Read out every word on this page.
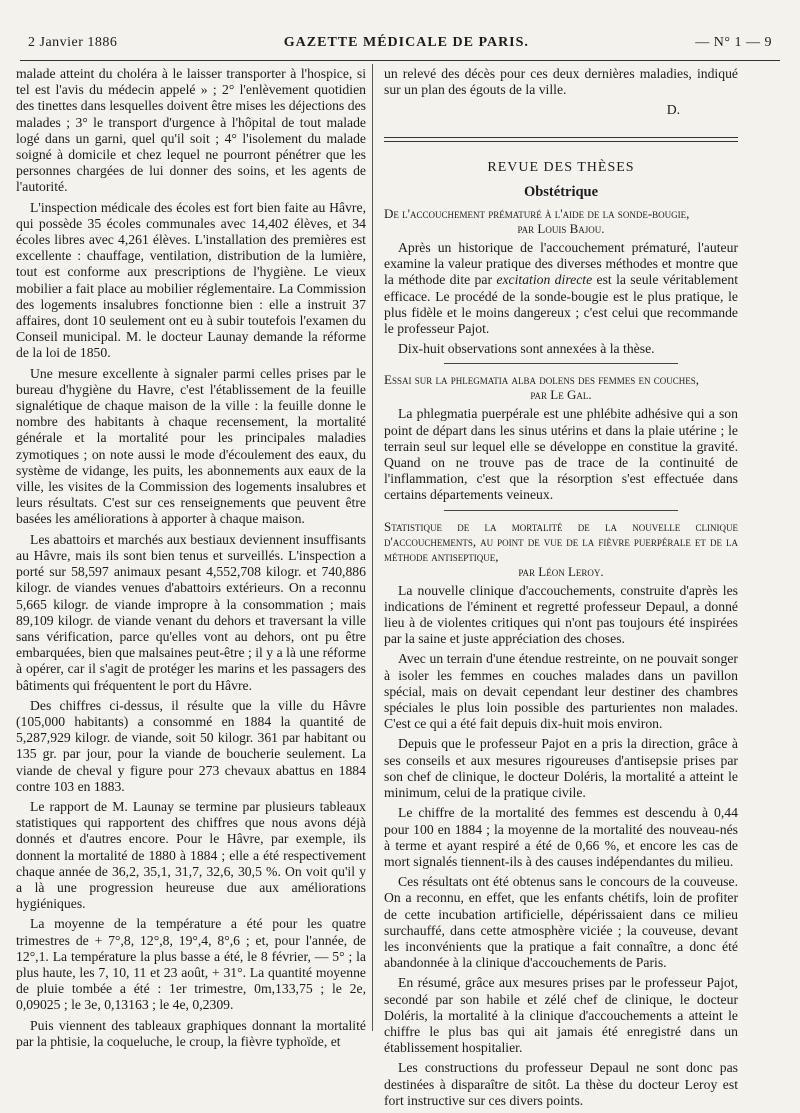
2 Janvier 1886	GAZETTE MÉDICALE DE PARIS.	— N° 1 — 9

malade atteint du choléra à le laisser transporter à l'hospice, si tel est l'avis du médecin appelé » ; 2° l'enlèvement quotidien des tinettes dans lesquelles doivent être mises les déjections des malades ; 3° le transport d'urgence à l'hôpital de tout malade logé dans un garni, quel qu'il soit ; 4° l'isolement du malade soigné à domicile et chez lequel ne pourront pénétrer que les personnes chargées de lui donner des soins, et les agents de l'autorité.

L'inspection médicale des écoles est fort bien faite au Hâvre, qui possède 35 écoles communales avec 14,402 élèves, et 34 écoles libres avec 4,261 élèves. L'installation des premières est excellente : chauffage, ventilation, distribution de la lumière, tout est conforme aux prescriptions de l'hygiène. Le vieux mobilier a fait place au mobilier réglementaire. La Commission des logements insalubres fonctionne bien : elle a instruit 37 affaires, dont 10 seulement ont eu à subir toutefois l'examen du Conseil municipal. M. le docteur Launay demande la réforme de la loi de 1850.

Une mesure excellente à signaler parmi celles prises par le bureau d'hygiène du Havre, c'est l'établissement de la feuille signalétique de chaque maison de la ville : la feuille donne le nombre des habitants à chaque recensement, la mortalité générale et la mortalité pour les principales maladies zymotiques ; on note aussi le mode d'écoulement des eaux, du système de vidange, les puits, les abonnements aux eaux de la ville, les visites de la Commission des logements insalubres et leurs résultats. C'est sur ces renseignements que peuvent être basées les améliorations à apporter à chaque maison.

Les abattoirs et marchés aux bestiaux deviennent insuffisants au Hâvre, mais ils sont bien tenus et surveillés. L'inspection a porté sur 58,597 animaux pesant 4,552,708 kilogr. et 740,886 kilogr. de viandes venues d'abattoirs extérieurs. On a reconnu 5,665 kilogr. de viande impropre à la consommation ; mais 89,109 kilogr. de viande venant du dehors et traversant la ville sans vérification, parce qu'elles vont au dehors, ont pu être embarquées, bien que malsaines peut-être ; il y a là une réforme à opérer, car il s'agit de protéger les marins et les passagers des bâtiments qui fréquentent le port du Hâvre.

Des chiffres ci-dessus, il résulte que la ville du Hâvre (105,000 habitants) a consommé en 1884 la quantité de 5,287,929 kilogr. de viande, soit 50 kilogr. 361 par habitant ou 135 gr. par jour, pour la viande de boucherie seulement. La viande de cheval y figure pour 273 chevaux abattus en 1884 contre 103 en 1883.

Le rapport de M. Launay se termine par plusieurs tableaux statistiques qui rapportent des chiffres que nous avons déjà donnés et d'autres encore. Pour le Hâvre, par exemple, ils donnent la mortalité de 1880 à 1884 ; elle a été respectivement chaque année de 36,2, 35,1, 31,7, 32,6, 30,5 %. On voit qu'il y a là une progression heureuse due aux améliorations hygiéniques.

La moyenne de la température a été pour les quatre trimestres de + 7°,8, 12°,8, 19°,4, 8°,6 ; et, pour l'année, de 12°,1. La température la plus basse a été, le 8 février, — 5° ; la plus haute, les 7, 10, 11 et 23 août, + 31°. La quantité moyenne de pluie tombée a été : 1er trimestre, 0m,133,75 ; le 2e, 0,09025 ; le 3e, 0,13163 ; le 4e, 0,2309.

Puis viennent des tableaux graphiques donnant la mortalité par la phtisie, la coqueluche, le croup, la fièvre typhoïde, et

un relevé des décès pour ces deux dernières maladies, indiqué sur un plan des égouts de la ville.

D.

REVUE DES THÈSES
Obstétrique
De l'accouchement prématuré à l'aide de la sonde-bougie,
par Louis Bajou.

Après un historique de l'accouchement prématuré, l'auteur examine la valeur pratique des diverses méthodes et montre que la méthode dite par excitation directe est la seule véritablement efficace. Le procédé de la sonde-bougie est le plus pratique, le plus fidèle et le moins dangereux ; c'est celui que recommande le professeur Pajot.

Dix-huit observations sont annexées à la thèse.

Essai sur la phlegmatia alba dolens des femmes en couches,
par Le Gal.

La phlegmatia puerpérale est une phlébite adhésive qui a son point de départ dans les sinus utérins et dans la plaie utérine ; le terrain seul sur lequel elle se développe en constitue la gravité. Quand on ne trouve pas de trace de la continuité de l'inflammation, c'est que la résorption s'est effectuée dans certains départements veineux.

Statistique de la mortalité de la nouvelle clinique d'accouchements, au point de vue de la fièvre puerpérale et de la méthode antiseptique,
par Léon Leroy.

La nouvelle clinique d'accouchements, construite d'après les indications de l'éminent et regretté professeur Depaul, a donné lieu à de violentes critiques qui n'ont pas toujours été inspirées par la saine et juste appréciation des choses.

Avec un terrain d'une étendue restreinte, on ne pouvait songer à isoler les femmes en couches malades dans un pavillon spécial, mais on devait cependant leur destiner des chambres spéciales le plus loin possible des parturientes non malades. C'est ce qui a été fait depuis dix-huit mois environ.

Depuis que le professeur Pajot en a pris la direction, grâce à ses conseils et aux mesures rigoureuses d'antisepsie prises par son chef de clinique, le docteur Doléris, la mortalité a atteint le minimum, celui de la pratique civile.

Le chiffre de la mortalité des femmes est descendu à 0,44 pour 100 en 1884 ; la moyenne de la mortalité des nouveau-nés à terme et ayant respiré a été de 0,66 %, et encore les cas de mort signalés tiennent-ils à des causes indépendantes du milieu.

Ces résultats ont été obtenus sans le concours de la couveuse. On a reconnu, en effet, que les enfants chétifs, loin de profiter de cette incubation artificielle, dépérissaient dans ce milieu surchauffé, dans cette atmosphère viciée ; la couveuse, devant les inconvénients que la pratique a fait connaître, a donc été abandonnée à la clinique d'accouchements de Paris.

En résumé, grâce aux mesures prises par le professeur Pajot, secondé par son habile et zélé chef de clinique, le docteur Doléris, la mortalité à la clinique d'accouchements a atteint le chiffre le plus bas qui ait jamais été enregistré dans un établissement hospitalier.

Les constructions du professeur Depaul ne sont donc pas destinées à disparaître de sitôt. La thèse du docteur Leroy est fort instructive sur ces divers points.
